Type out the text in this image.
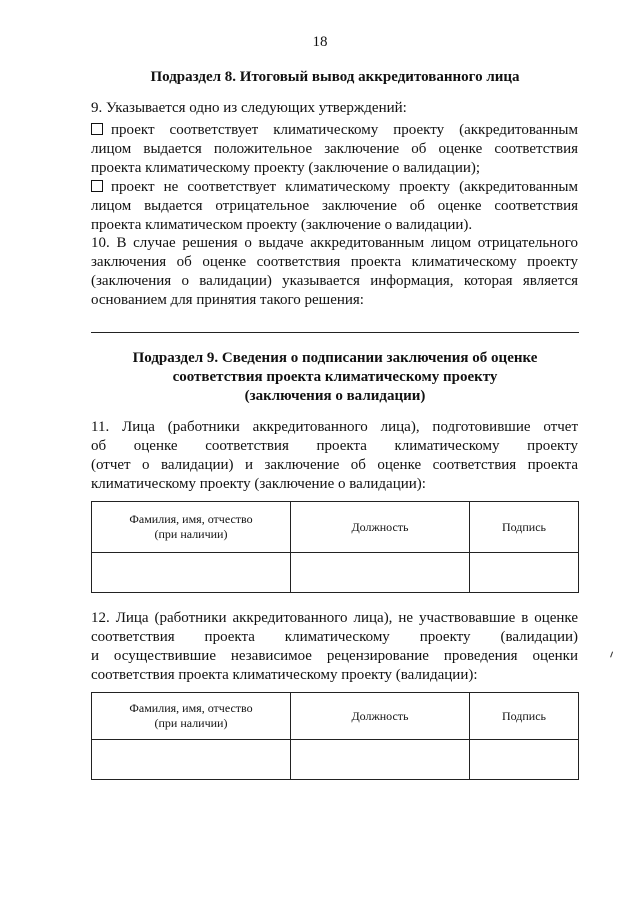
18
Подраздел 8. Итоговый вывод аккредитованного лица
9. Указывается одно из следующих утверждений:
проект соответствует климатическому проекту (аккредитованным
лицом выдается положительное заключение об оценке соответствия
проекта климатическому проекту (заключение о валидации);
проект не соответствует климатическому проекту (аккредитованным
лицом выдается отрицательное заключение об оценке соответствия
проекта климатическом проекту (заключение о валидации).
10. В случае решения о выдаче аккредитованным лицом отрицательного
заключения об оценке соответствия проекта климатическому проекту
(заключения о валидации) указывается информация, которая является
основанием для принятия такого решения:
Подраздел 9. Сведения о подписании заключения об оценке
соответствия проекта климатическому проекту
(заключения о валидации)
11. Лица (работники аккредитованного лица), подготовившие отчет
об оценке соответствия проекта климатическому проекту
(отчет о валидации) и заключение об оценке соответствия проекта
климатическому проекту (заключение о валидации):
Фамилия, имя, отчество
(при наличии)	Должность	Подпись

12. Лица (работники аккредитованного лица), не участвовавшие в оценке
соответствия проекта климатическому проекту (валидации)
и осуществившие независимое рецензирование проведения оценки
соответствия проекта климатическому проекту (валидации):
Фамилия, имя, отчество
(при наличии)	Должность	Подпись
